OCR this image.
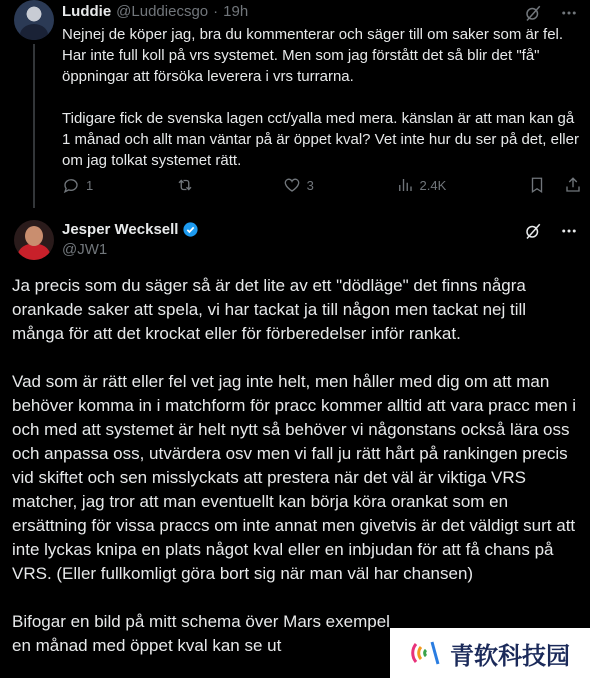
Luddie @Luddiecsgo · 19h
Nejnej de köper jag, bra du kommenterar och säger till om saker som är fel. Har inte full koll på vrs systemet. Men som jag förstått det så blir det "få" öppningar att försöka leverera i vrs turrarna.

Tidigare fick de svenska lagen cct/yalla med mera. känslan är att man kan gå 1 månad och allt man väntar på är öppet kval? Vet inte hur du ser på det, eller om jag tolkat systemet rätt.
1	3	2.4K
Jesper Wecksell
@JW1
Ja precis som du säger så är det lite av ett "dödläge" det finns några orankade saker att spela, vi har tackat ja till någon men tackat nej till många för att det krockat eller för förberedelser inför rankat.

Vad som är rätt eller fel vet jag inte helt, men håller med dig om att man behöver komma in i matchform för pracc kommer alltid att vara pracc men i och med att systemet är helt nytt så behöver vi någonstans också lära oss och anpassa oss, utvärdera osv men vi fall ju rätt hårt på rankingen precis vid skiftet och sen misslyckats att prestera när det väl är viktiga VRS matcher, jag tror att man eventuellt kan börja köra orankat som en ersättning för vissa praccs om inte annat men givetvis är det väldigt surt att inte lyckas knipa en plats något kval eller en inbjudan för att få chans på VRS. (Eller fullkomligt göra bort sig när man väl har chansen)

Bifogar en bild på mitt schema över Mars exempel
en månad med öppet kval kan se ut	青软科技园
